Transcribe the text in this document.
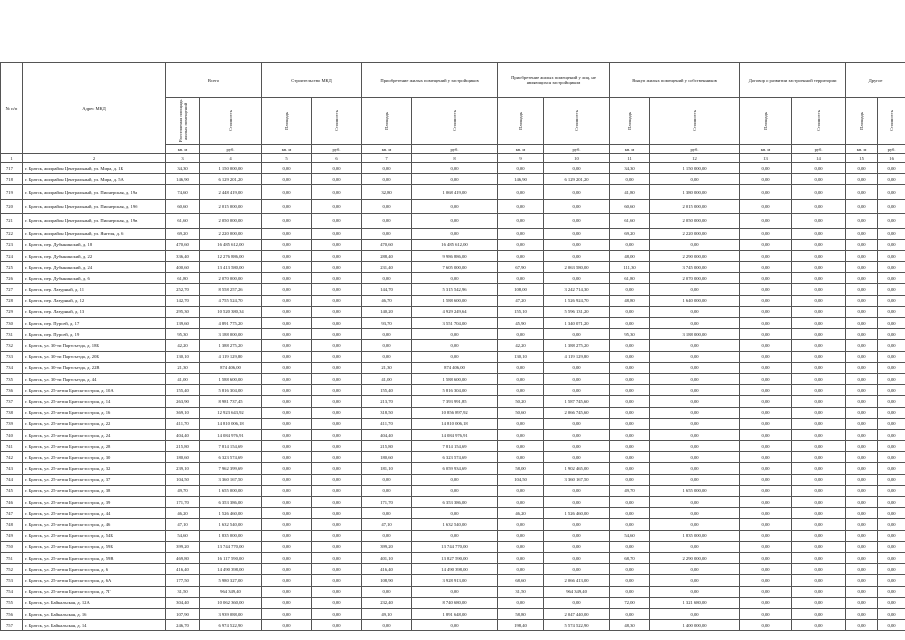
№ п/п	Адрес МКД	Всего		Строительство МКД		Приобретение жилых помещений у застройщиков		Приобретение жилых помещений у лиц, не являющихся застройщиком		Выкуп жилых помещений у собственников		Договор о развитии застроенной территории		Другое	
		Расселяемая площадь жилых помещений	Стоимость	Площадь	Стоимость	Площадь	Стоимость	Площадь	Стоимость	Площадь	Стоимость	Площадь	Стоимость	Площадь	Стоимость
		кв. м	руб.	кв. м	руб.	кв. м	руб.	кв. м	руб.	кв. м	руб.	кв. м	руб.	кв. м	руб.
1	2	3	4	5	6	7	8	9	10	11	12	13	14	15	16
717	г. Братск, жилрайон Центральный, ул. Мира, д. 1Б	34,30	1 150 000,00	0,00	0,00	0,00	0,00	0,00	0,00	34,30	1 150 000,00	0,00	0,00	0,00	0,00
718	г. Братск, жилрайон Центральный, ул. Мира, д. 5А	146,90	6 129 201,20	0,00	0,00	0,00	0,00	146,90	6 129 201,20	0,00	0,00	0,00	0,00	0,00	0,00
719	г. Братск, жилрайон Центральный, ул. Пионерская, д. 19а	74,60	2 448 419,00	0,00	0,00	32,80	1 068 419,00	0,00	0,00	41,80	1 380 000,00	0,00	0,00	0,00	0,00
720	г. Братск, жилрайон Центральный, ул. Пионерская, д. 19б	60,60	2 015 000,00	0,00	0,00	0,00	0,00	0,00	0,00	60,60	2 015 000,00	0,00	0,00	0,00	0,00
721	г. Братск, жилрайон Центральный, ул. Пионерская, д. 19в	61,60	2 050 000,00	0,00	0,00	0,00	0,00	0,00	0,00	61,60	2 050 000,00	0,00	0,00	0,00	0,00
722	г. Братск, жилрайон Центральный, ул. Янгеля, д. 6	69,20	2 220 000,00	0,00	0,00	0,00	0,00	0,00	0,00	69,20	2 220 000,00	0,00	0,00	0,00	0,00
723	г. Братск, пер. Дубынинский, д. 18	470,60	16 485 612,00	0,00	0,00	470,60	16 485 612,00	0,00	0,00	0,00	0,00	0,00	0,00	0,00	0,00
724	г. Братск, пер. Дубынинский, д. 22	336,40	12 276 886,00	0,00	0,00	288,40	9 986 886,00	0,00	0,00	48,00	2 290 000,00	0,00	0,00	0,00	0,00
725	г. Братск, пер. Дубынинский, д. 24	400,60	13 413 580,00	0,00	0,00	231,40	7 605 000,00	67,90	2 063 580,00	111,30	3 745 000,00	0,00	0,00	0,00	0,00
726	г. Братск, пер. Дубынинский, д. 6	61,80	2 070 000,00	0,00	0,00	0,00	0,00	0,00	0,00	61,80	2 070 000,00	0,00	0,00	0,00	0,00
727	г. Братск, пер. Лазурный, д. 11	252,70	8 558 257,26	0,00	0,00	144,70	5 315 542,96	108,00	3 242 714,30	0,00	0,00	0,00	0,00	0,00	0,00
728	г. Братск, пер. Лазурный, д. 12	142,70	4 755 524,70	0,00	0,00	46,70	1 588 600,00	47,20	1 526 924,70	48,80	1 640 000,00	0,00	0,00	0,00	0,00
729	г. Братск, пер. Лазурный, д. 13	295,30	10 520 380,34	0,00	0,00	140,20	4 929 249,64	155,10	5 596 131,20	0,00	0,00	0,00	0,00	0,00	0,00
730	г. Братск, пер. Пурсей, д. 17	139,60	4 891 775,20	0,00	0,00	93,70	3 551 704,00	45,90	1 340 071,20	0,00	0,00	0,00	0,00	0,00	0,00
731	г. Братск, пер. Пурсей, д. 19	95,30	3 188 000,00	0,00	0,00	0,00	0,00	0,00	0,00	95,30	3 188 000,00	0,00	0,00	0,00	0,00
732	г. Братск, ул. 30-ти Партсъезда, д. 18Б	42,20	1 388 275,20	0,00	0,00	0,00	0,00	42,20	1 388 275,20	0,00	0,00	0,00	0,00	0,00	0,00
733	г. Братск, ул. 30-ти Партсъезда, д. 20Б	130,10	4 119 129,80	0,00	0,00	0,00	0,00	130,10	4 119 129,80	0,00	0,00	0,00	0,00	0,00	0,00
734	г. Братск, ул. 30-ти Партсъезда, д. 22В	21,30	874 406,00	0,00	0,00	21,30	874 406,00	0,00	0,00	0,00	0,00	0,00	0,00	0,00	0,00
735	г. Братск, ул. 30-ти Партсъезда, д. 44	41,00	1 588 600,00	0,00	0,00	41,00	1 588 600,00	0,00	0,00	0,00	0,00	0,00	0,00	0,00	0,00
736	г. Братск, ул. 25-летия Братскгэсстроя, д. 10А	155,40	5 816 304,00	0,00	0,00	155,40	5 816 304,00	0,00	0,00	0,00	0,00	0,00	0,00	0,00	0,00
737	г. Братск, ул. 25-летия Братскгэсстроя, д. 14	263,90	8 981 737,45	0,00	0,00	213,70	7 393 991,85	50,20	1 587 745,60	0,00	0,00	0,00	0,00	0,00	0,00
738	г. Братск, ул. 25-летия Братскгэсстроя, д. 16	369,10	12 923 643,92	0,00	0,00	318,50	10 856 897,92	50,60	2 066 745,60	0,00	0,00	0,00	0,00	0,00	0,00
739	г. Братск, ул. 25-летия Братскгэсстроя, д. 22	411,70	14 810 006,18	0,00	0,00	411,70	14 810 006,18	0,00	0,00	0,00	0,00	0,00	0,00	0,00	0,00
740	г. Братск, ул. 25-летия Братскгэсстроя, д. 24	404,40	14 084 976,91	0,00	0,00	404,40	14 084 976,91	0,00	0,00	0,00	0,00	0,00	0,00	0,00	0,00
741	г. Братск, ул. 25-летия Братскгэсстроя, д. 28	215,80	7 814 154,69	0,00	0,00	215,80	7 814 154,69	0,00	0,00	0,00	0,00	0,00	0,00	0,00	0,00
742	г. Братск, ул. 25-летия Братскгэсстроя, д. 30	180,60	6 323 574,69	0,00	0,00	180,60	6 323 574,69	0,00	0,00	0,00	0,00	0,00	0,00	0,00	0,00
743	г. Братск, ул. 25-летия Братскгэсстроя, д. 32	239,10	7 962 399,69	0,00	0,00	181,10	6 059 934,69	58,00	1 902 465,00	0,00	0,00	0,00	0,00	0,00	0,00
744	г. Братск, ул. 25-летия Братскгэсстроя, д. 37	104,50	3 360 167,50	0,00	0,00	0,00	0,00	104,50	3 360 167,50	0,00	0,00	0,00	0,00	0,00	0,00
745	г. Братск, ул. 25-летия Братскгэсстроя, д. 38	49,70	1 655 000,00	0,00	0,00	0,00	0,00	0,00	0,00	49,70	1 655 000,00	0,00	0,00	0,00	0,00
746	г. Братск, ул. 25-летия Братскгэсстроя, д. 39	171,70	6 353 386,00	0,00	0,00	171,70	6 353 386,00	0,00	0,00	0,00	0,00	0,00	0,00	0,00	0,00
747	г. Братск, ул. 25-летия Братскгэсстроя, д. 44	46,20	1 526 460,00	0,00	0,00	0,00	0,00	46,20	1 526 460,00	0,00	0,00	0,00	0,00	0,00	0,00
748	г. Братск, ул. 25-летия Братскгэсстроя, д. 46	47,10	1 632 540,00	0,00	0,00	47,10	1 632 540,00	0,00	0,00	0,00	0,00	0,00	0,00	0,00	0,00
749	г. Братск, ул. 25-летия Братскгэсстроя, д. 54Б	54,60	1 835 000,00	0,00	0,00	0,00	0,00	0,00	0,00	54,60	1 835 000,00	0,00	0,00	0,00	0,00
750	г. Братск, ул. 25-летия Братскгэсстроя, д. 59Б	399,20	13 744 770,00	0,00	0,00	399,20	13 744 770,00	0,00	0,00	0,00	0,00	0,00	0,00	0,00	0,00
751	г. Братск, ул. 25-летия Братскгэсстроя, д. 59В	469,80	16 117 590,00	0,00	0,00	401,10	13 827 590,00	0,00	0,00	68,70	2 290 000,00	0,00	0,00	0,00	0,00
752	г. Братск, ул. 25-летия Братскгэсстроя, д. 6	416,40	14 490 398,00	0,00	0,00	416,40	14 490 398,00	0,00	0,00	0,00	0,00	0,00	0,00	0,00	0,00
753	г. Братск, ул. 25-летия Братскгэсстроя, д. 6А	177,50	5 980 327,00	0,00	0,00	108,90	3 928 913,00	68,60	2 066 413,00	0,00	0,00	0,00	0,00	0,00	0,00
754	г. Братск, ул. 25-летия Братскгэсстроя, д. 7Г	31,50	964 349,40	0,00	0,00	0,00	0,00	31,50	964 349,40	0,00	0,00	0,00	0,00	0,00	0,00
755	г. Братск, ул. Байкальская, д. 12А	304,40	10 062 360,00	0,00	0,00	232,40	8 740 680,00	0,00	0,00	72,00	1 321 680,00	0,00	0,00	0,00	0,00
756	г. Братск, ул. Байкальская, д. 16	107,90	3 939 088,00	0,00	0,00	49,10	1 891 648,00	58,80	2 047 440,00	0,00	0,00	0,00	0,00	0,00	0,00
757	г. Братск, ул. Байкальская, д. 14	246,70	6 974 522,90	0,00	0,00	0,00	0,00	198,40	5 574 522,90	48,30	1 400 000,00	0,00	0,00	0,00	0,00
